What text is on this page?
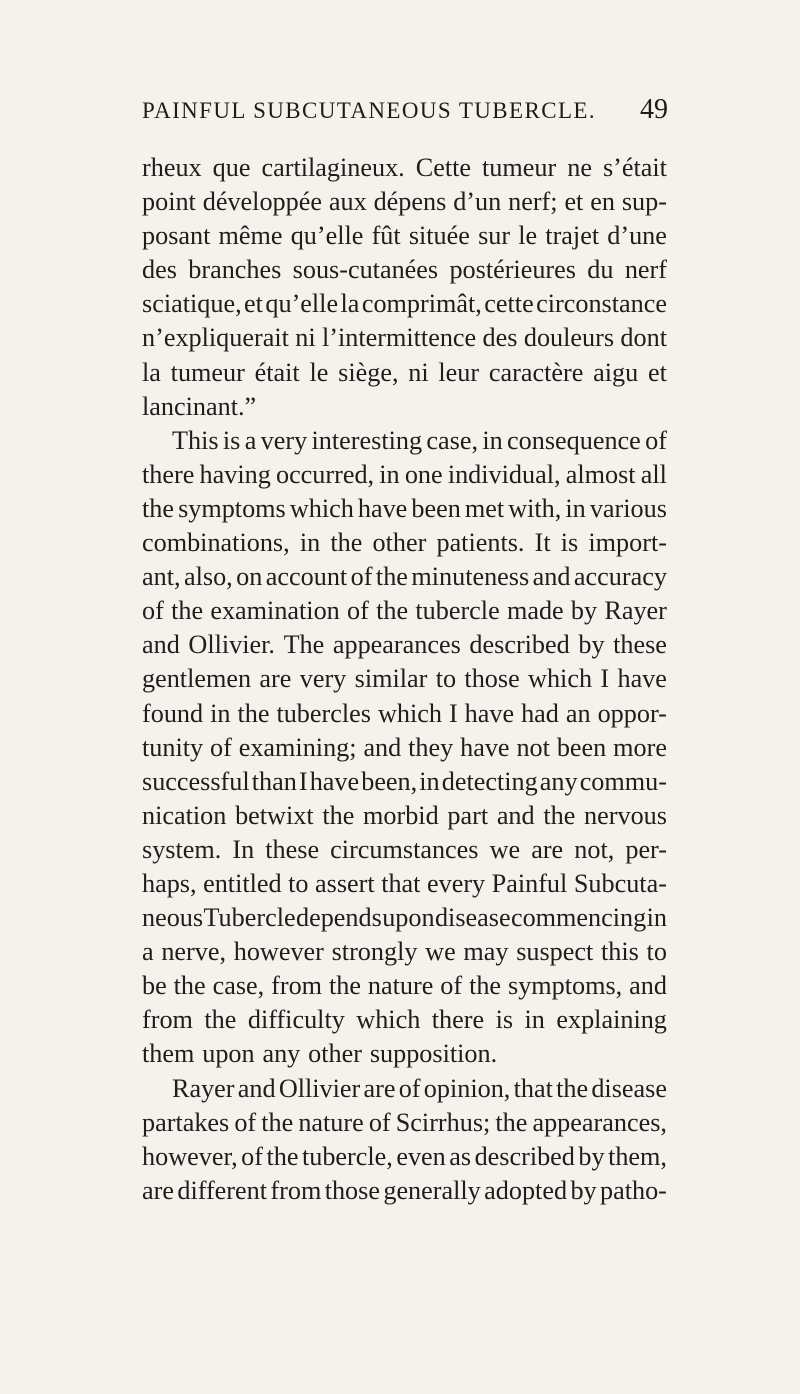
PAINFUL SUBCUTANEOUS TUBERCLE. 49
rheux que cartilagineux. Cette tumeur ne s’était
point développée aux dépens d’un nerf; et en sup-
posant même qu’elle fût située sur le trajet d’une
des branches sous-cutanées postérieures du nerf
sciatique, et qu’elle la comprimât, cette circonstance
n’expliquerait ni l’intermittence des douleurs dont
la tumeur était le siège, ni leur caractère aigu et
lancinant.”
This is a very interesting case, in consequence of
there having occurred, in one individual, almost all
the symptoms which have been met with, in various
combinations, in the other patients. It is import-
ant, also, on account of the minuteness and accuracy
of the examination of the tubercle made by Rayer
and Ollivier. The appearances described by these
gentlemen are very similar to those which I have
found in the tubercles which I have had an oppor-
tunity of examining; and they have not been more
successful than I have been, in detecting any commu-
nication betwixt the morbid part and the nervous
system. In these circumstances we are not, per-
haps, entitled to assert that every Painful Subcuta-
neous Tubercle depends upon disease commencing in
a nerve, however strongly we may suspect this to
be the case, from the nature of the symptoms, and
from the difficulty which there is in explaining
them upon any other supposition.
Rayer and Ollivier are of opinion, that the disease
partakes of the nature of Scirrhus; the appearances,
however, of the tubercle, even as described by them,
are different from those generally adopted by patho-
